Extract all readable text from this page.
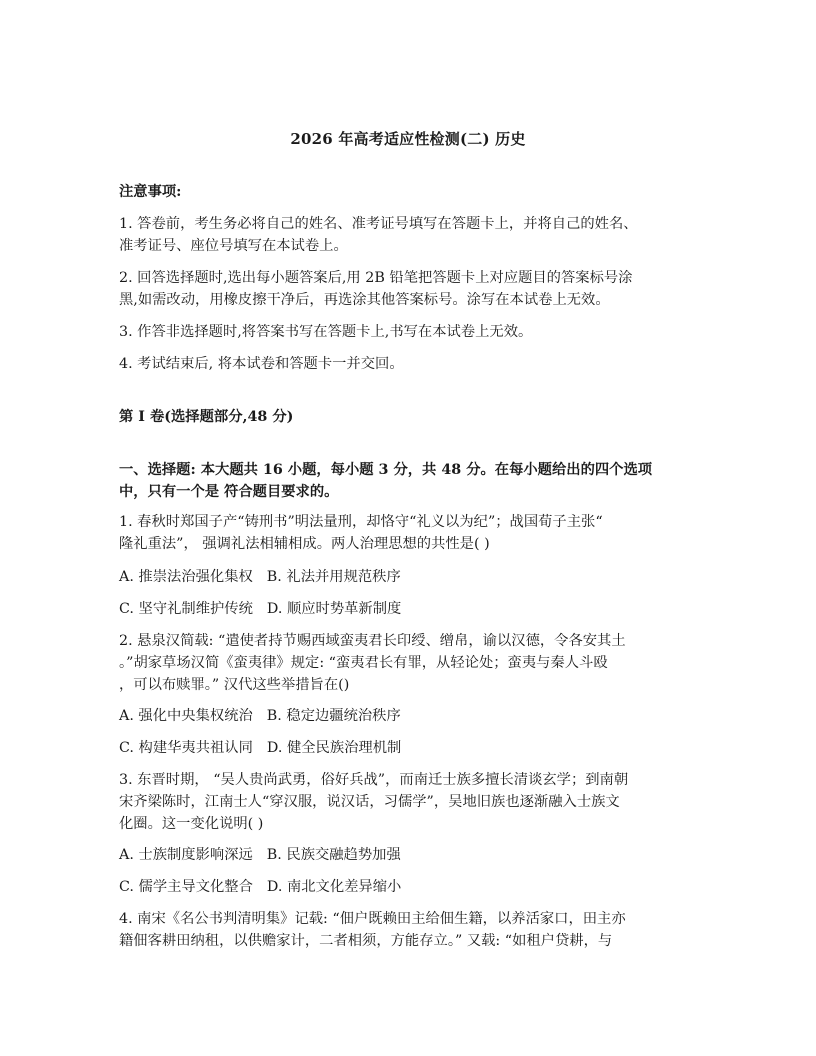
2026 年高考适应性检测(二) 历史
注意事项:
1. 答卷前，考生务必将自己的姓名、准考证号填写在答题卡上，并将自己的姓名、
准考证号、座位号填写在本试卷上。
2. 回答选择题时,选出每小题答案后,用 2B 铅笔把答题卡上对应题目的答案标号涂
黑,如需改动，用橡皮擦干净后，再选涂其他答案标号。涂写在本试卷上无效。
3. 作答非选择题时,将答案书写在答题卡上,书写在本试卷上无效。
4. 考试结束后, 将本试卷和答题卡一并交回。
第 I 卷(选择题部分,48 分)
一、选择题: 本大题共 16 小题，每小题 3 分，共 48 分。在每小题给出的四个选项
中，只有一个是 符合题目要求的。
1. 春秋时郑国子产“铸刑书”明法量刑，却恪守“礼义以为纪”；战国荀子主张“
隆礼重法”， 强调礼法相辅相成。两人治理思想的共性是( )
A. 推崇法治强化集权 B. 礼法并用规范秩序
C. 坚守礼制维护传统 D. 顺应时势革新制度
2. 悬泉汉简载: “遣使者持节赐西域蛮夷君长印绶、缯帛，谕以汉德，令各安其土
。”胡家草场汉简《蛮夷律》规定: “蛮夷君长有罪，从轻论处；蛮夷与秦人斗殴
，可以布赎罪。” 汉代这些举措旨在()
A. 强化中央集权统治 B. 稳定边疆统治秩序
C. 构建华夷共祖认同 D. 健全民族治理机制
3. 东晋时期， “吴人贵尚武勇，俗好兵战”，而南迁士族多擅长清谈玄学；到南朝
宋齐梁陈时，江南士人“穿汉服，说汉话，习儒学”，吴地旧族也逐渐融入士族文
化圈。这一变化说明( )
A. 士族制度影响深远 B. 民族交融趋势加强
C. 儒学主导文化整合 D. 南北文化差异缩小
4. 南宋《名公书判清明集》记载: “佃户既赖田主给佃生籍，以养活家口，田主亦
籍佃客耕田纳租，以供赡家计，二者相须，方能存立。” 又载: “如租户贷耕，与
